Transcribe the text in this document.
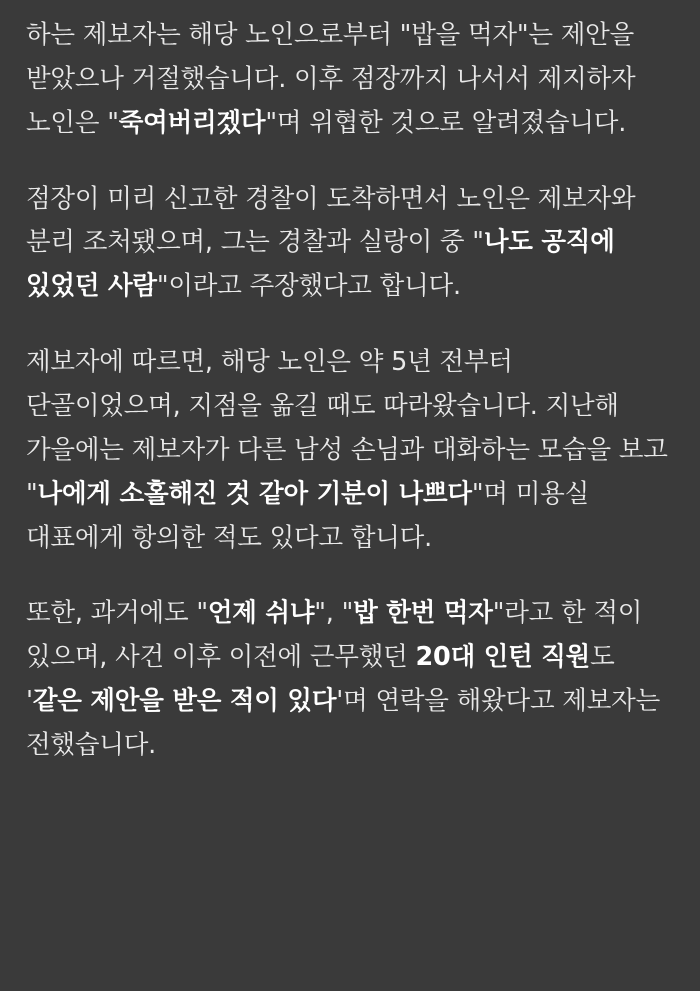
하는 제보자는 해당 노인으로부터 "밥을 먹자"는 제안을 받았으나 거절했습니다. 이후 점장까지 나서서 제지하자 노인은 "죽여버리겠다"며 위협한 것으로 알려졌습니다.

점장이 미리 신고한 경찰이 도착하면서 노인은 제보자와 분리 조처됐으며, 그는 경찰과 실랑이 중 "나도 공직에 있었던 사람"이라고 주장했다고 합니다.

제보자에 따르면, 해당 노인은 약 5년 전부터 단골이었으며, 지점을 옮길 때도 따라왔습니다. 지난해 가을에는 제보자가 다른 남성 손님과 대화하는 모습을 보고 "나에게 소홀해진 것 같아 기분이 나쁘다"며 미용실 대표에게 항의한 적도 있다고 합니다.

또한, 과거에도 "언제 쉬냐", "밥 한번 먹자"라고 한 적이 있으며, 사건 이후 이전에 근무했던 20대 인턴 직원도 '같은 제안을 받은 적이 있다'며 연락을 해왔다고 제보자는 전했습니다.
